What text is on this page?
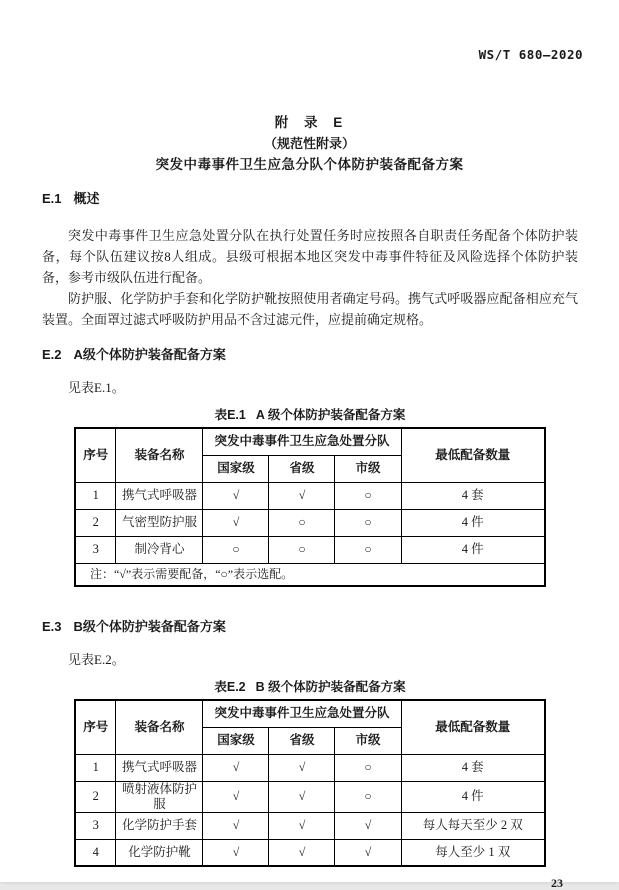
WS/T 680—2020
附 录 E
（规范性附录）
突发中毒事件卫生应急分队个体防护装备配备方案
E.1 概述

突发中毒事件卫生应急处置分队在执行处置任务时应按照各自职责任务配备个体防护装备，每个队伍建议按8人组成。县级可根据本地区突发中毒事件特征及风险选择个体防护装备，参考市级队伍进行配备。

防护服、化学防护手套和化学防护靴按照使用者确定号码。携气式呼吸器应配备相应充气装置。全面罩过滤式呼吸防护用品不含过滤元件，应提前确定规格。

E.2 A级个体防护装备配备方案
见表E.1。
表E.1 A 级个体防护装备配备方案
序号	装备名称	突发中毒事件卫生应急处置分队			最低配备数量
		国家级	省级	市级	
1	携气式呼吸器	√	√	○	4 套
2	气密型防护服	√	○	○	4 件
3	制冷背心	○	○	○	4 件
注：“√”表示需要配备，“○”表示选配。					
E.3 B级个体防护装备配备方案
见表E.2。
表E.2 B 级个体防护装备配备方案
序号	装备名称	突发中毒事件卫生应急处置分队			最低配备数量
		国家级	省级	市级	
1	携气式呼吸器	√	√	○	4 套
2	喷射液体防护服	√	√	○	4 件
3	化学防护手套	√	√	√	每人每天至少 2 双
4	化学防护靴	√	√	√	每人至少 1 双
23
